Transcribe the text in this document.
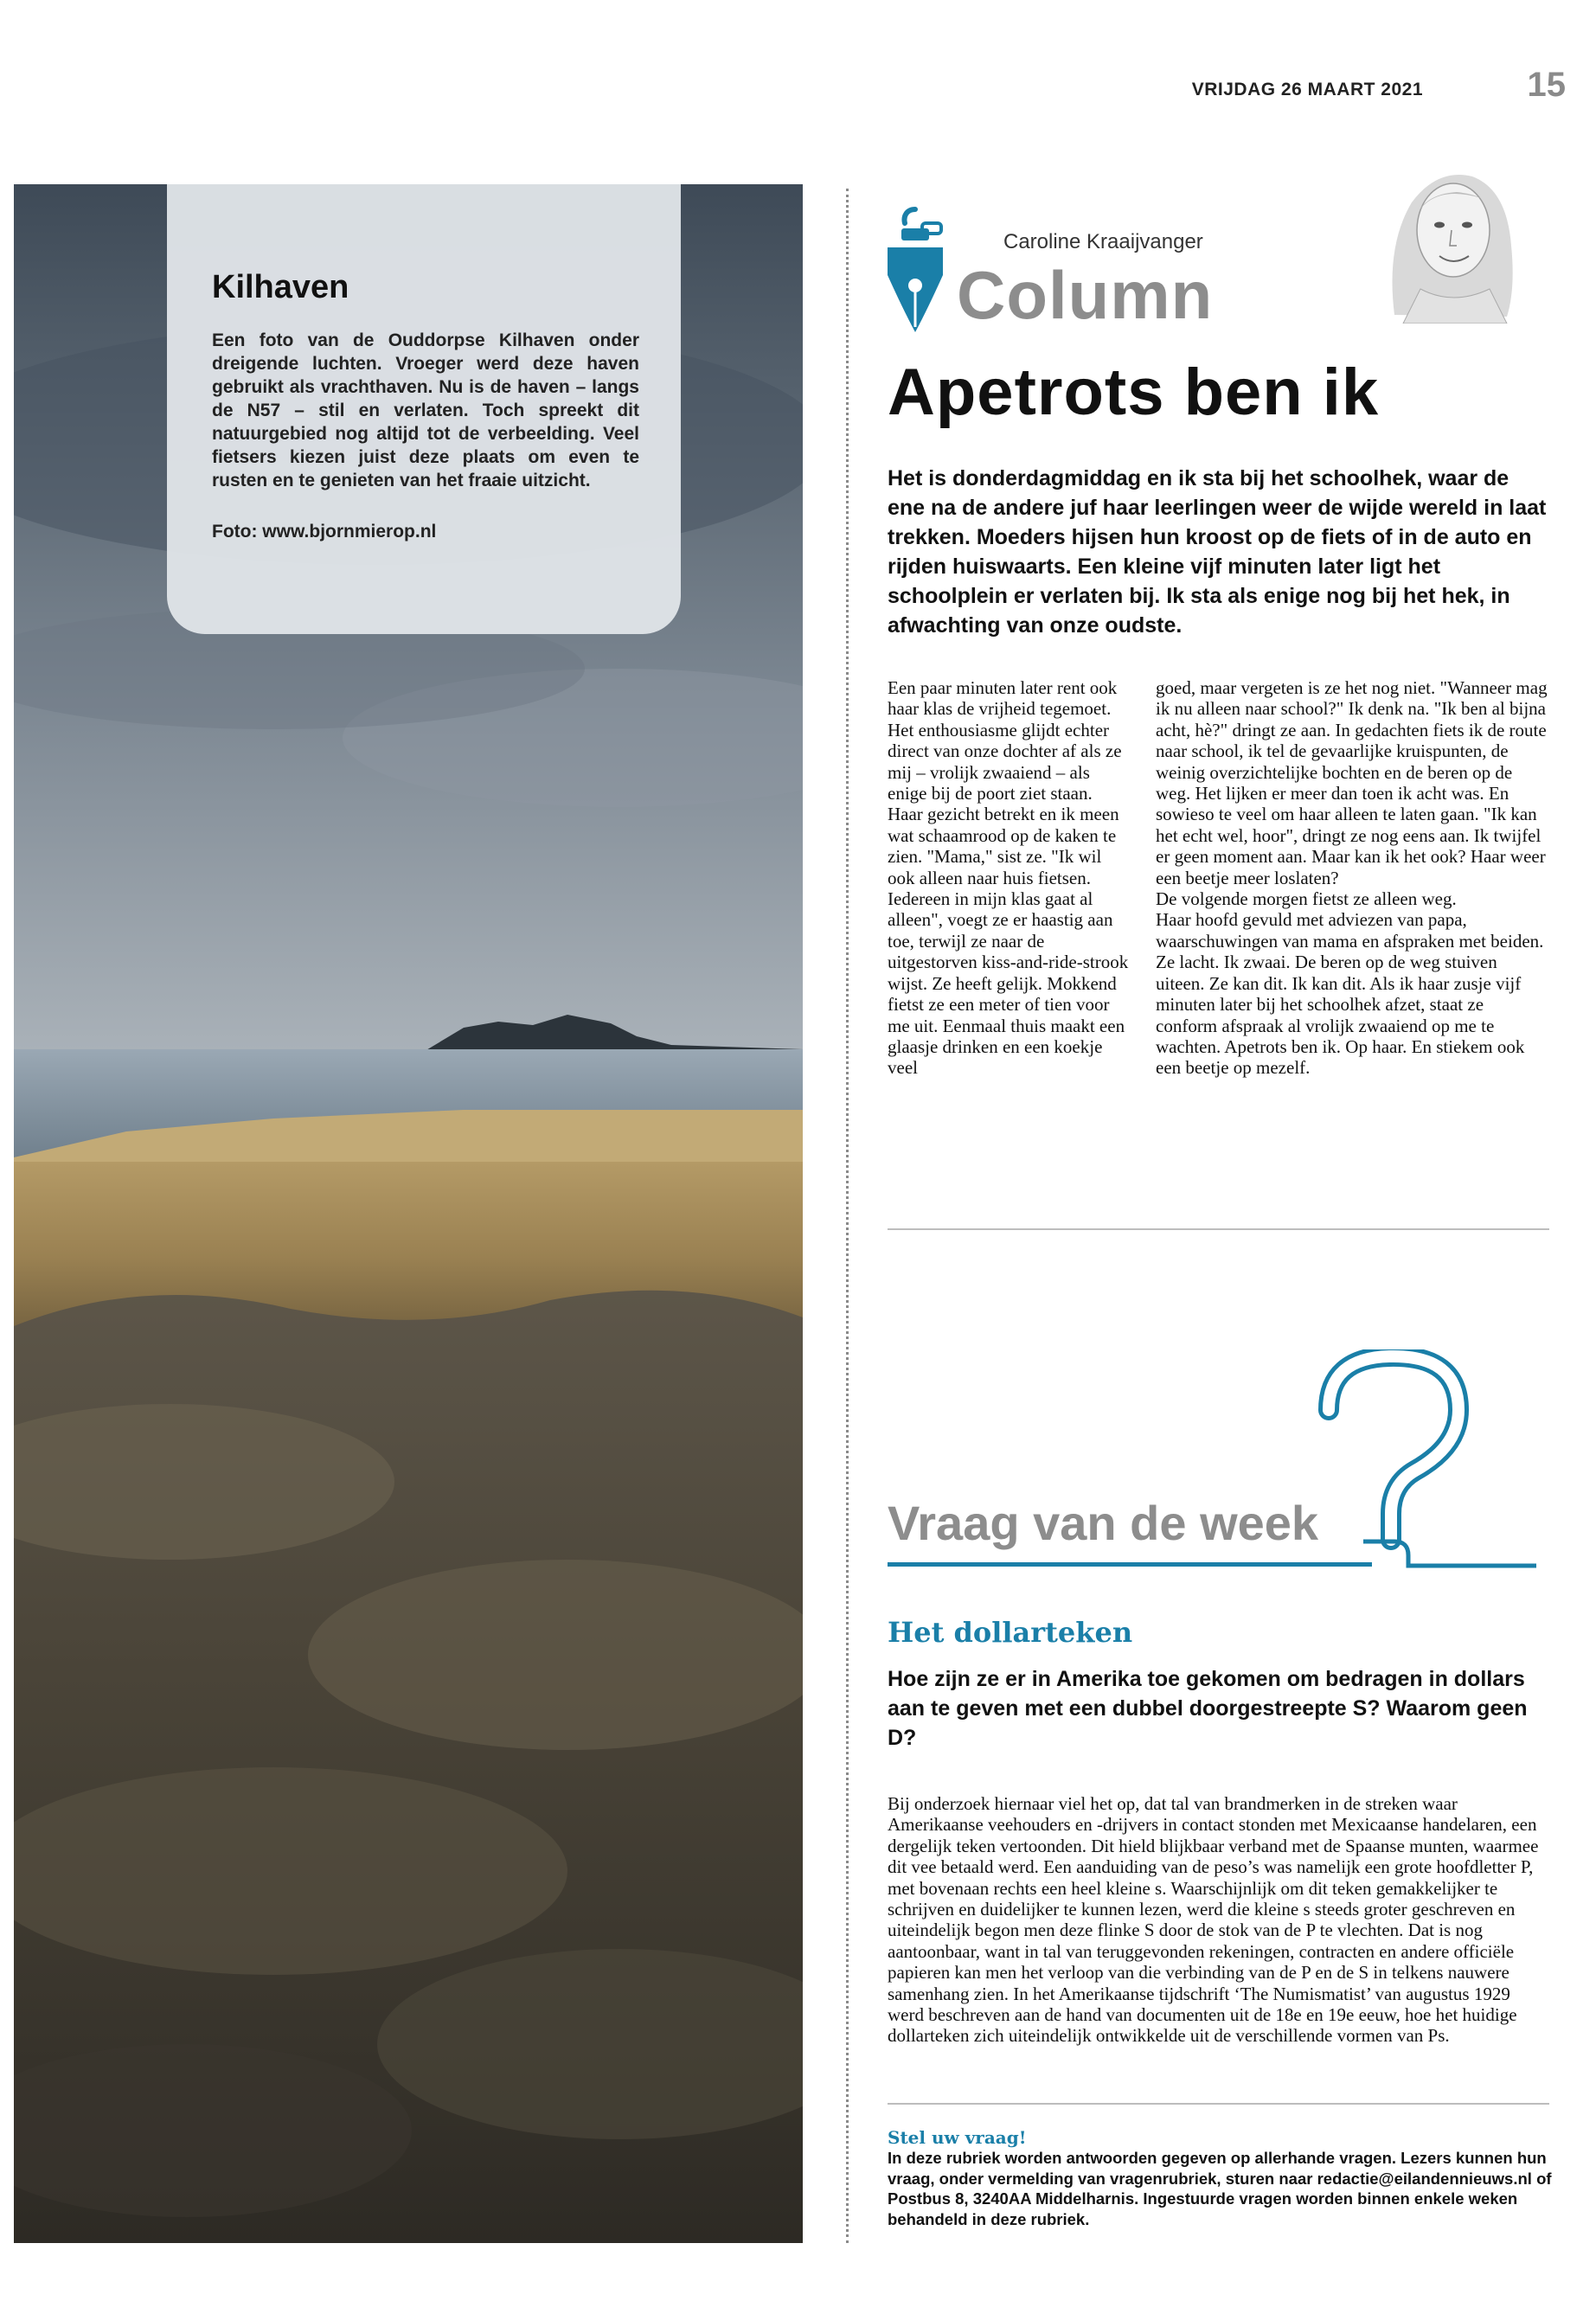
VRIJDAG 26 MAART 2021	15
Kilhaven

Een foto van de Ouddorpse Kilhaven onder dreigende luchten. Vroeger werd deze haven gebruikt als vrachthaven. Nu is de haven – langs de N57 – stil en verlaten. Toch spreekt dit natuurgebied nog altijd tot de verbeelding. Veel fietsers kiezen juist deze plaats om even te rusten en te genieten van het fraaie uitzicht.

Foto: www.bjornmierop.nl

Caroline Kraaijvanger
Column
Apetrots ben ik

Het is donderdagmiddag en ik sta bij het schoolhek, waar de ene na de andere juf haar leerlingen weer de wijde wereld in laat trekken. Moeders hijsen hun kroost op de fiets of in de auto en rijden huiswaarts. Een kleine vijf minuten later ligt het schoolplein er verlaten bij. Ik sta als enige nog bij het hek, in afwachting van onze oudste.

Een paar minuten later rent ook haar klas de vrijheid tegemoet. Het enthousiasme glijdt echter direct van onze dochter af als ze mij – vrolijk zwaaiend – als enige bij de poort ziet staan. Haar gezicht betrekt en ik meen wat schaamrood op de kaken te zien. "Mama," sist ze. "Ik wil ook alleen naar huis fietsen. Iedereen in mijn klas gaat al alleen", voegt ze er haastig aan toe, terwijl ze naar de uitgestorven kiss-and-ride-strook wijst. Ze heeft gelijk. Mokkend fietst ze een meter of tien voor me uit. Eenmaal thuis maakt een glaasje drinken en een koekje veel

goed, maar vergeten is ze het nog niet. "Wanneer mag ik nu alleen naar school?" Ik denk na. "Ik ben al bijna acht, hè?" dringt ze aan. In gedachten fiets ik de route naar school, ik tel de gevaarlijke kruispunten, de weinig overzichtelijke bochten en de beren op de weg. Het lijken er meer dan toen ik acht was. En sowieso te veel om haar alleen te laten gaan. "Ik kan het echt wel, hoor", dringt ze nog eens aan. Ik twijfel er geen moment aan. Maar kan ik het ook? Haar weer een beetje meer loslaten?

De volgende morgen fietst ze alleen weg.

Haar hoofd gevuld met adviezen van papa, waarschuwingen van mama en afspraken met beiden. Ze lacht. Ik zwaai. De beren op de weg stuiven uiteen. Ze kan dit. Ik kan dit. Als ik haar zusje vijf minuten later bij het schoolhek afzet, staat ze conform afspraak al vrolijk zwaaiend op me te wachten. Apetrots ben ik. Op haar. En stiekem ook een beetje op mezelf.

Vraag van de week
Het dollarteken

Hoe zijn ze er in Amerika toe gekomen om bedragen in dollars aan te geven met een dubbel doorgestreepte S? Waarom geen D?

Bij onderzoek hiernaar viel het op, dat tal van brandmerken in de streken waar Amerikaanse veehouders en -drijvers in contact stonden met Mexicaanse handelaren, een dergelijk teken vertoonden. Dit hield blijkbaar verband met de Spaanse munten, waarmee dit vee betaald werd. Een aanduiding van de peso’s was namelijk een grote hoofdletter P, met bovenaan rechts een heel kleine s. Waarschijnlijk om dit teken gemakkelijker te schrijven en duidelijker te kunnen lezen, werd die kleine s steeds groter geschreven en uiteindelijk begon men deze flinke S door de stok van de P te vlechten. Dat is nog aantoonbaar, want in tal van teruggevonden rekeningen, contracten en andere officiële papieren kan men het verloop van die verbinding van de P en de S in telkens nauwere samenhang zien. In het Amerikaanse tijdschrift ‘The Numismatist’ van augustus 1929 werd beschreven aan de hand van documenten uit de 18e en 19e eeuw, hoe het huidige dollarteken zich uiteindelijk ontwikkelde uit de verschillende vormen van Ps.

Stel uw vraag!

In deze rubriek worden antwoorden gegeven op allerhande vragen. Lezers kunnen hun vraag, onder vermelding van vragenrubriek, sturen naar redactie@eilandennieuws.nl of Postbus 8, 3240AA Middelharnis. Ingestuurde vragen worden binnen enkele weken behandeld in deze rubriek.
